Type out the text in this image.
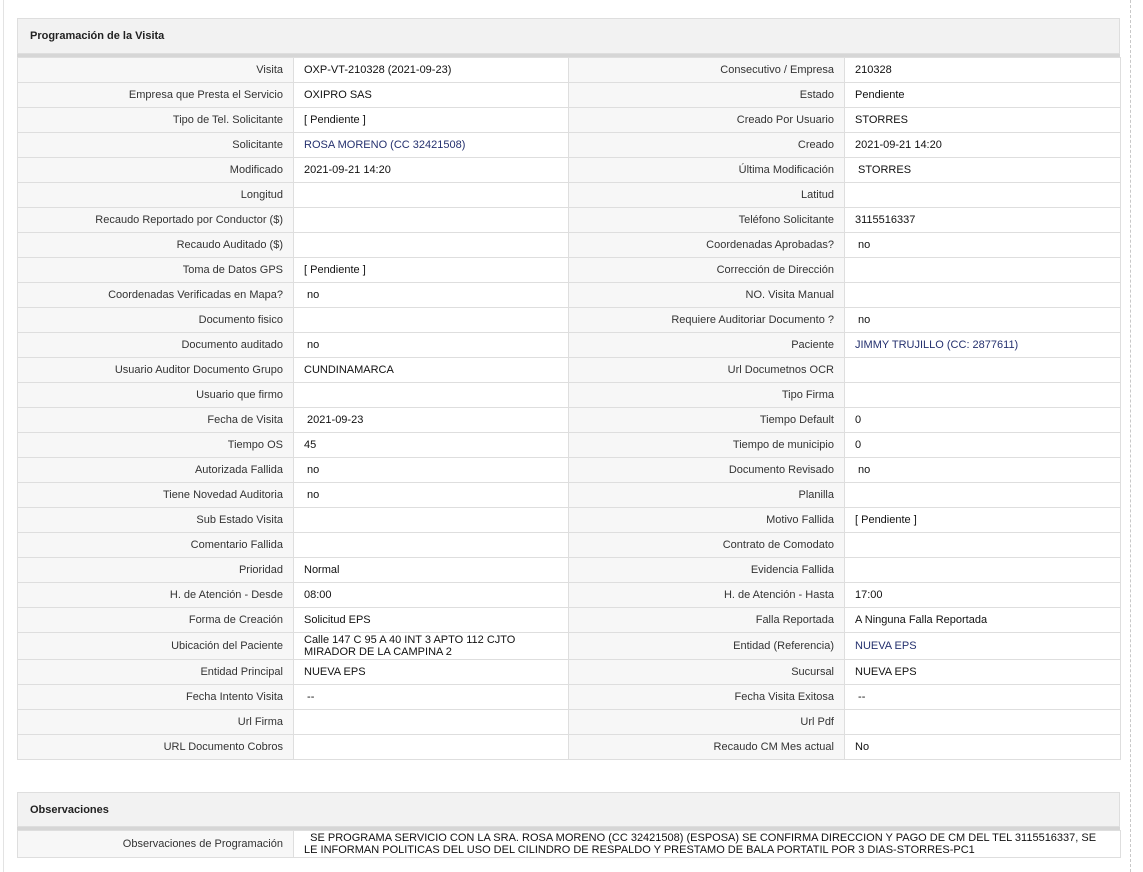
Programación de la Visita
Visita	OXP-VT-210328 (2021-09-23)	Consecutivo / Empresa	210328
Empresa que Presta el Servicio	OXIPRO SAS	Estado	Pendiente
Tipo de Tel. Solicitante	[ Pendiente ]	Creado Por Usuario	STORRES
Solicitante	ROSA MORENO (CC 32421508)	Creado	2021-09-21 14:20
Modificado	2021-09-21 14:20	Última Modificación	STORRES
Longitud		Latitud	
Recaudo Reportado por Conductor ($)		Teléfono Solicitante	3115516337
Recaudo Auditado ($)		Coordenadas Aprobadas?	no
Toma de Datos GPS	[ Pendiente ]	Corrección de Dirección	
Coordenadas Verificadas en Mapa?	no	NO. Visita Manual	
Documento fisico		Requiere Auditoriar Documento ?	no
Documento auditado	no	Paciente	JIMMY TRUJILLO (CC: 2877611)
Usuario Auditor Documento Grupo	CUNDINAMARCA	Url Documetnos OCR	
Usuario que firmo		Tipo Firma	
Fecha de Visita	2021-09-23	Tiempo Default	0
Tiempo OS	45	Tiempo de municipio	0
Autorizada Fallida	no	Documento Revisado	no
Tiene Novedad Auditoria	no	Planilla	
Sub Estado Visita		Motivo Fallida	[ Pendiente ]
Comentario Fallida		Contrato de Comodato	
Prioridad	Normal	Evidencia Fallida	
H. de Atención - Desde	08:00	H. de Atención - Hasta	17:00
Forma de Creación	Solicitud EPS	Falla Reportada	A Ninguna Falla Reportada
Ubicación del Paciente	Calle 147 C 95 A 40 INT 3 APTO 112 CJTO MIRADOR DE LA CAMPINA 2	Entidad (Referencia)	NUEVA EPS
Entidad Principal	NUEVA EPS	Sucursal	NUEVA EPS
Fecha Intento Visita	--	Fecha Visita Exitosa	--
Url Firma		Url Pdf	
URL Documento Cobros		Recaudo CM Mes actual	No
Observaciones
Observaciones de Programación	SE PROGRAMA SERVICIO CON LA SRA. ROSA MORENO (CC 32421508) (ESPOSA) SE CONFIRMA DIRECCION Y PAGO DE CM DEL TEL 3115516337, SE LE INFORMAN POLITICAS DEL USO DEL CILINDRO DE RESPALDO Y PRESTAMO DE BALA PORTATIL POR 3 DIAS-STORRES-PC1
